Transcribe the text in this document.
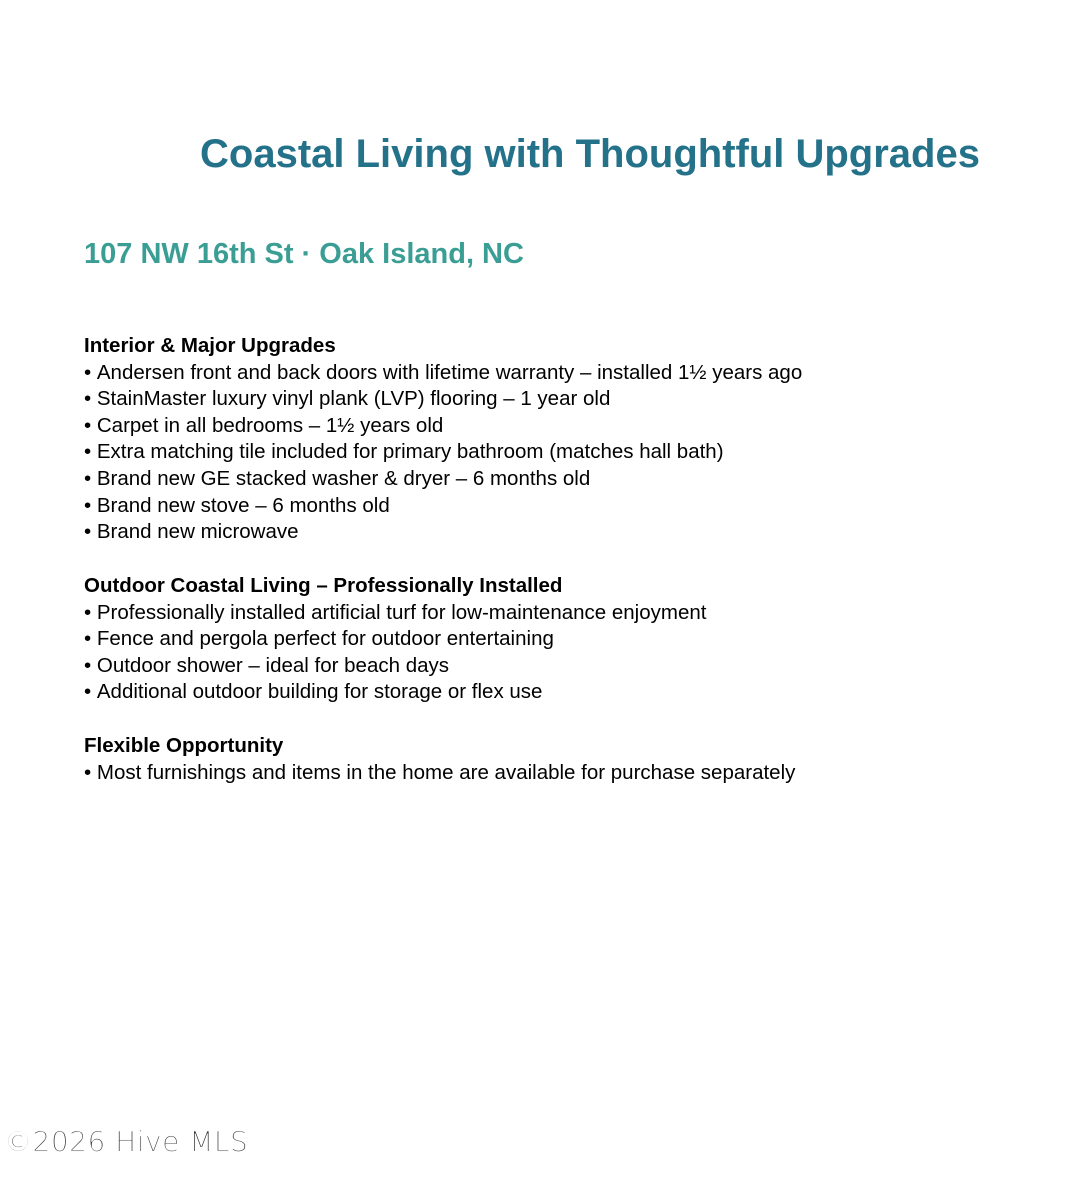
Coastal Living with Thoughtful Upgrades
107 NW 16th St · Oak Island, NC
Interior & Major Upgrades
• Andersen front and back doors with lifetime warranty – installed 1½ years ago
• StainMaster luxury vinyl plank (LVP) flooring – 1 year old
• Carpet in all bedrooms – 1½ years old
• Extra matching tile included for primary bathroom (matches hall bath)
• Brand new GE stacked washer & dryer – 6 months old
• Brand new stove – 6 months old
• Brand new microwave
Outdoor Coastal Living – Professionally Installed
• Professionally installed artificial turf for low-maintenance enjoyment
• Fence and pergola perfect for outdoor entertaining
• Outdoor shower – ideal for beach days
• Additional outdoor building for storage or flex use
Flexible Opportunity
• Most furnishings and items in the home are available for purchase separately
©2026 Hive MLS
